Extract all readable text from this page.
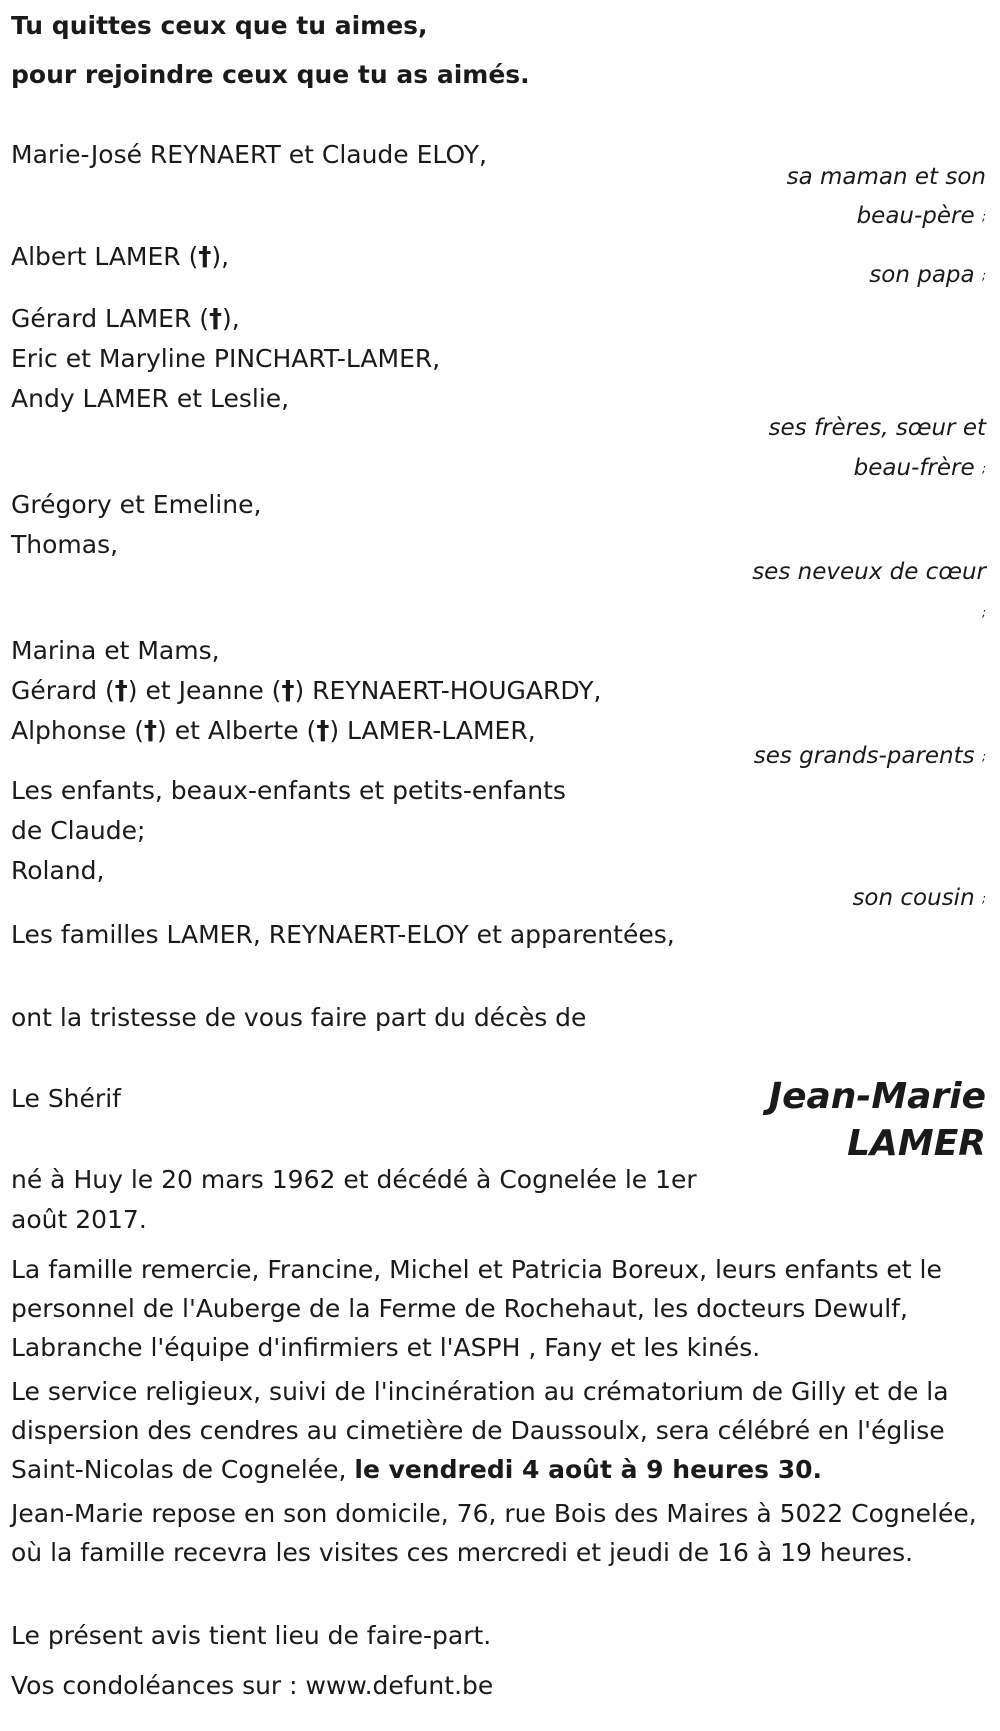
Tu quittes ceux que tu aimes,
pour rejoindre ceux que tu as aimés.
Marie-José REYNAERT et Claude ELOY,
sa maman et son
beau-père ;
Albert LAMER (†),
son papa ;
Gérard LAMER (†),
Eric et Maryline PINCHART-LAMER,
Andy LAMER et Leslie,
ses frères, sœur et
beau-frère ;
Grégory et Emeline,
Thomas,
ses neveux de cœur
;
Marina et Mams,
Gérard (†) et Jeanne (†) REYNAERT-HOUGARDY,
Alphonse (†) et Alberte (†) LAMER-LAMER,
ses grands-parents ;
Les enfants, beaux-enfants et petits-enfants
de Claude;
Roland,
son cousin ;
Les familles LAMER, REYNAERT-ELOY et apparentées,
ont la tristesse de vous faire part du décès de
Le Shérif	Jean-Marie
LAMER
né à Huy le 20 mars 1962 et décédé à Cognelée le 1er
août 2017.
La famille remercie, Francine, Michel et Patricia Boreux, leurs enfants et le personnel de l'Auberge de la Ferme de Rochehaut, les docteurs Dewulf, Labranche l'équipe d'infirmiers et l'ASPH , Fany et les kinés.
Le service religieux, suivi de l'incinération au crématorium de Gilly et de la dispersion des cendres au cimetière de Daussoulx, sera célébré en l'église Saint-Nicolas de Cognelée, le vendredi 4 août à 9 heures 30.
Jean-Marie repose en son domicile, 76, rue Bois des Maires à 5022 Cognelée, où la famille recevra les visites ces mercredi et jeudi de 16 à 19 heures.
Le présent avis tient lieu de faire-part.
Vos condoléances sur : www.defunt.be
